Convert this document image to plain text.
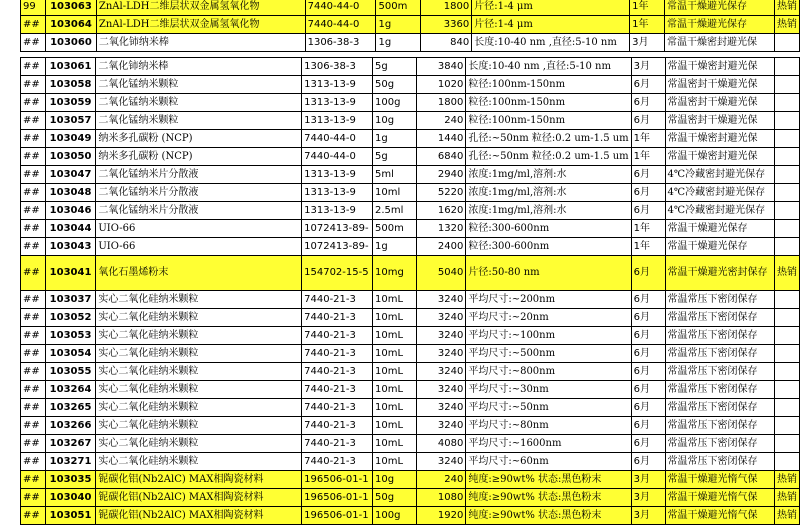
99	103063	ZnAl-LDH二维层状双金属氢氧化物	7440-44-0	500m	1800	片径:1-4 μm	1年	常温干燥避光保存	热销
##	103064	ZnAl-LDH二维层状双金属氢氧化物	7440-44-0	1g	3360	片径:1-4 μm	1年	常温干燥避光保存	热销
##	103060	二氧化铈纳米棒	1306-38-3	1g	840	长度:10-40 nm ,直径:5-10 nm	3月	常温干燥密封避光保	
##	103061	二氧化铈纳米棒	1306-38-3	5g	3840	长度:10-40 nm ,直径:5-10 nm	3月	常温干燥密封避光保	
##	103058	二氧化锰纳米颗粒	1313-13-9	50g	1020	粒径:100nm-150nm	6月	常温密封干燥避光保	
##	103059	二氧化锰纳米颗粒	1313-13-9	100g	1800	粒径:100nm-150nm	6月	常温密封干燥避光保	
##	103057	二氧化锰纳米颗粒	1313-13-9	10g	240	粒径:100nm-150nm	6月	常温密封干燥避光保	
##	103049	纳米多孔碳粉 (NCP)	7440-44-0	1g	1440	孔径:~50nm 粒径:0.2 um-1.5 um	1年	常温干燥密封避光保	
##	103050	纳米多孔碳粉 (NCP)	7440-44-0	5g	6840	孔径:~50nm 粒径:0.2 um-1.5 um	1年	常温干燥密封避光保	
##	103047	二氧化锰纳米片分散液	1313-13-9	5ml	2940	浓度:1mg/ml,溶剂:水	6月	4℃冷藏密封避光保存	
##	103048	二氧化锰纳米片分散液	1313-13-9	10ml	5220	浓度:1mg/ml,溶剂:水	6月	4℃冷藏密封避光保存	
##	103046	二氧化锰纳米片分散液	1313-13-9	2.5ml	1620	浓度:1mg/ml,溶剂:水	6月	4℃冷藏密封避光保存	
##	103044	UIO-66	1072413-89-	500m	1320	粒径:300-600nm	1年	常温干燥避光保存	
##	103043	UIO-66	1072413-89-	1g	2400	粒径:300-600nm	1年	常温干燥避光保存	
##	103041	氧化石墨烯粉末	154702-15-5	10mg	5040	片径:50-80 nm	6月	常温干燥避光密封保存	热销
##	103037	实心二氧化硅纳米颗粒	7440-21-3	10mL	3240	平均尺寸:~200nm	6月	常温常压下密闭保存	
##	103052	实心二氧化硅纳米颗粒	7440-21-3	10mL	3240	平均尺寸:~20nm	6月	常温常压下密闭保存	
##	103053	实心二氧化硅纳米颗粒	7440-21-3	10mL	3240	平均尺寸:~100nm	6月	常温常压下密闭保存	
##	103054	实心二氧化硅纳米颗粒	7440-21-3	10mL	3240	平均尺寸:~500nm	6月	常温常压下密闭保存	
##	103055	实心二氧化硅纳米颗粒	7440-21-3	10mL	3240	平均尺寸:~800nm	6月	常温常压下密闭保存	
##	103264	实心二氧化硅纳米颗粒	7440-21-3	10mL	3240	平均尺寸:~30nm	6月	常温常压下密闭保存	
##	103265	实心二氧化硅纳米颗粒	7440-21-3	10mL	3240	平均尺寸:~50nm	6月	常温常压下密闭保存	
##	103266	实心二氧化硅纳米颗粒	7440-21-3	10mL	3240	平均尺寸:~80nm	6月	常温常压下密闭保存	
##	103267	实心二氧化硅纳米颗粒	7440-21-3	10mL	4080	平均尺寸:~1600nm	6月	常温常压下密闭保存	
##	103271	实心二氧化硅纳米颗粒	7440-21-3	10mL	3240	平均尺寸:~60nm	6月	常温常压下密闭保存	
##	103035	铌碳化铝(Nb2AlC) MAX相陶瓷材料	196506-01-1	10g	240	纯度:≥90wt% 状态:黑色粉末	3月	常温干燥避光惰气保	热销
##	103040	铌碳化铝(Nb2AlC) MAX相陶瓷材料	196506-01-1	50g	1080	纯度:≥90wt% 状态:黑色粉末	3月	常温干燥避光惰气保	热销
##	103051	铌碳化铝(Nb2AlC) MAX相陶瓷材料	196506-01-1	100g	1920	纯度:≥90wt% 状态:黑色粉末	3月	常温干燥避光惰气保	热销
